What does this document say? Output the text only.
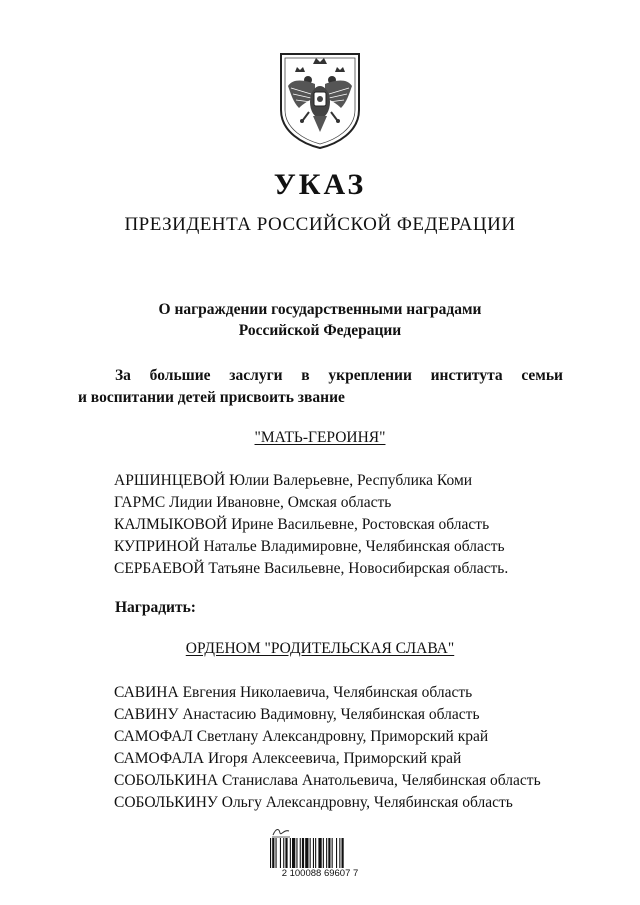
УКАЗ
ПРЕЗИДЕНТА РОССИЙСКОЙ ФЕДЕРАЦИИ
О награждении государственными наградами
Российской Федерации
За большие заслуги в укреплении института семьи
и воспитании детей присвоить звание
"МАТЬ-ГЕРОИНЯ"
АРШИНЦЕВОЙ Юлии Валерьевне, Республика Коми
ГАРМС Лидии Ивановне, Омская область
КАЛМЫКОВОЙ Ирине Васильевне, Ростовская область
КУПРИНОЙ Наталье Владимировне, Челябинская область
СЕРБАЕВОЙ Татьяне Васильевне, Новосибирская область.
Наградить:
ОРДЕНОМ "РОДИТЕЛЬСКАЯ СЛАВА"
САВИНА Евгения Николаевича, Челябинская область
САВИНУ Анастасию Вадимовну, Челябинская область
САМОФАЛ Светлану Александровну, Приморский край
САМОФАЛА Игоря Алексеевича, Приморский край
СОБОЛЬКИНА Станислава Анатольевича, Челябинская область
СОБОЛЬКИНУ Ольгу Александровну, Челябинская область
2 100088 69607 7
